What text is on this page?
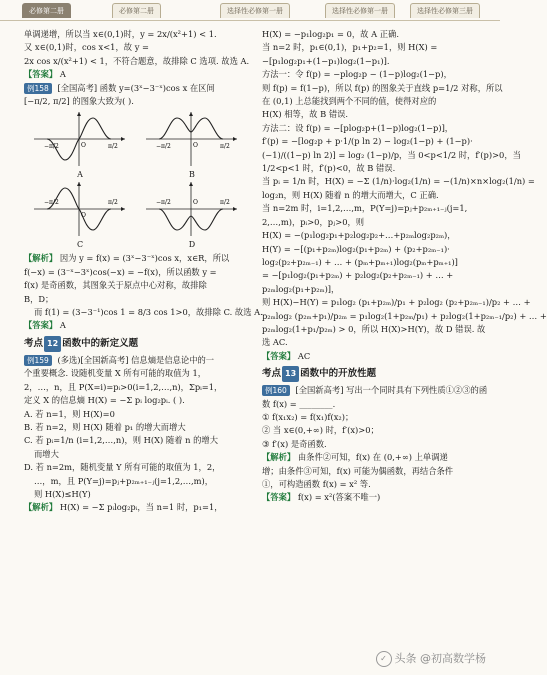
必修第二册	必修第二册	选择性必修第一册	选择性必修第一册	选择性必修第三册
单调递增，所以当 x∈(0,1)时，y = 2x/(x²+1) < 1.
又 x∈(0,1)时，cos x<1，故 y =
2x cos x/(x²+1) < 1，不符合题意，故排除 C 选项. 故选 A.
【答案】 A
例158 [全国高考] 函数 y=(3ˣ−3⁻ˣ)cos x 在区间
[−π/2, π/2] 的图象大致为( ).
−π/2	π/2
O
A
−π/2	π/2
O
B
−π/2	π/2
O
C
−π/2	π/2
O
D
【解析】 因为 y = f(x) = (3ˣ−3⁻ˣ)cos x，x∈R，所以
f(−x) = (3⁻ˣ−3ˣ)cos(−x) = −f(x)，所以函数 y =
f(x) 是奇函数，其图象关于原点中心对称，故排除
B，D；
而 f(1) = (3−3⁻¹)cos 1 = 8/3 cos 1>0，故排除 C. 故选 A.
【答案】 A
考点 12 函数中的新定义题
例159 (多选)[全国新高考] 信息熵是信息论中的一
个重要概念. 设随机变量 X 所有可能的取值为 1，
2，…，n，且 P(X=i)=pᵢ>0(i=1,2,…,n)，Σpᵢ=1，
定义 X 的信息熵 H(X) = −Σ pᵢ log₂pᵢ. ( ).
A. 若 n=1，则 H(X)=0
B. 若 n=2，则 H(X) 随着 p₁ 的增大而增大
C. 若 pᵢ=1/n (i=1,2,…,n)，则 H(X) 随着 n 的增大
而增大
D. 若 n=2m，随机变量 Y 所有可能的取值为 1，2，
…，m，且 P(Y=j)=pⱼ+p₂ₘ₊₁₋ⱼ(j=1,2,…,m)，
则 H(X)≤H(Y)
【解析】 H(X) = −Σ pᵢlog₂pᵢ，当 n=1 时，p₁=1，
H(X) = −p₁log₂p₁ = 0，故 A 正确.
当 n=2 时，p₁∈(0,1)，p₁+p₂=1，则 H(X) =
−[p₁log₂p₁+(1−p₁)log₂(1−p₁)].
方法一：令 f(p) = −plog₂p − (1−p)log₂(1−p)，
则 f(p) = f(1−p)，所以 f(p) 的图象关于直线 p=1/2 对称，所以
在 (0,1) 上总能找到两个不同的值，使得对应的
H(X) 相等，故 B 错误.
方法二：设 f(p) = −[plog₂p+(1−p)log₂(1−p)]，
f′(p) = −[log₂p + p·1/(p ln 2) − log₂(1−p) + (1−p)·
(−1)/((1−p) ln 2)] = log₂ (1−p)/p，当 0<p<1/2 时，f′(p)>0，当
1/2<p<1 时，f′(p)<0，故 B 错误.
当 pᵢ = 1/n 时，H(X) = −Σ (1/n)·log₂(1/n) = −(1/n)×n×log₂(1/n) =
log₂n，则 H(X) 随着 n 的增大而增大，C 正确.
当 n=2m 时，i=1,2,…,m，P(Y=j)=pⱼ+p₂ₘ₊₁₋ⱼ(j=1,
2,…,m)，pᵢ>0，pⱼ>0，则
H(X) = −(p₁log₂p₁+p₂log₂p₂+…+p₂ₘlog₂p₂ₘ)，
H(Y) = −[(p₁+p₂ₘ)log₂(p₁+p₂ₘ) + (p₂+p₂ₘ₋₁)·
log₂(p₂+p₂ₘ₋₁) + … + (pₘ+pₘ₊₁)log₂(pₘ+pₘ₊₁)]
= −[p₁log₂(p₁+p₂ₘ) + p₂log₂(p₂+p₂ₘ₋₁) + … +
p₂ₘlog₂(p₁+p₂ₘ)]，
则 H(X)−H(Y) = p₁log₂ (p₁+p₂ₘ)/p₁ + p₂log₂ (p₂+p₂ₘ₋₁)/p₂ + … +
p₂ₘlog₂ (p₂ₘ+p₁)/p₂ₘ = p₁log₂(1+p₂ₘ/p₁) + p₂log₂(1+p₂ₘ₋₁/p₂) + … +
p₂ₘlog₂(1+p₁/p₂ₘ) > 0，所以 H(X)>H(Y)，故 D 错误. 故
选 AC.
【答案】 AC
考点 13 函数中的开放性题
例160 [全国新高考] 写出一个同时具有下列性质①②③的函
数 f(x) = ________.
① f(x₁x₂) = f(x₁)f(x₂)；
② 当 x∈(0,+∞) 时，f′(x)>0；
③ f′(x) 是奇函数.
【解析】 由条件②可知，f(x) 在 (0,+∞) 上单调递
增；由条件③可知，f(x) 可能为偶函数，再结合条件
①，可构造函数 f(x) = x² 等.
【答案】 f(x) = x²(答案不唯一)
✓ 头条 @初高数学杨
